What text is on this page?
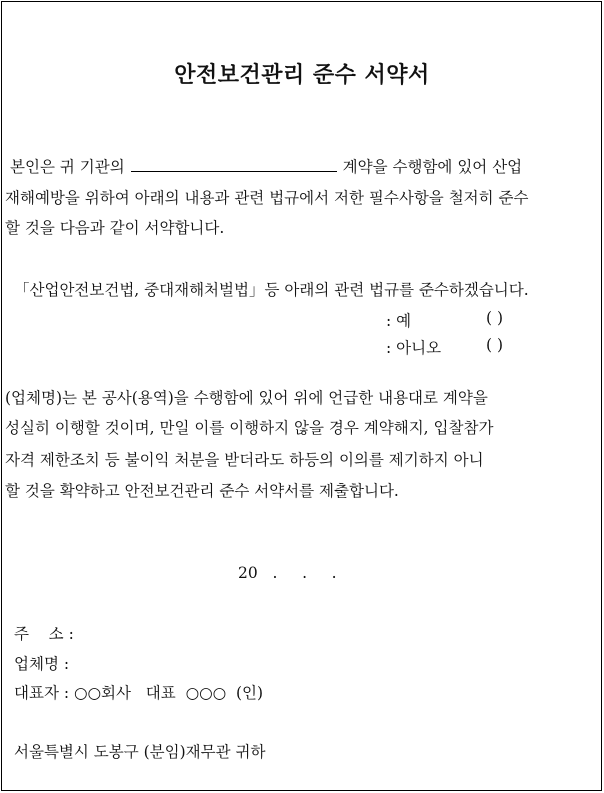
안전보건관리 준수 서약서
본인은 귀 기관의	계약을 수행함에 있어 산업
재해예방을 위하여 아래의 내용과 관련 법규에서 저한 필수사항을 철저히 준수
할 것을 다음과 같이 서약합니다.
「산업안전보건법, 중대재해처벌법」등 아래의 관련 법규를 준수하겠습니다.
: 예	( )
: 아니오	( )
(업체명)는 본 공사(용역)을 수행함에 있어 위에 언급한 내용대로 계약을
성실히 이행할 것이며, 만일 이를 이행하지 않을 경우 계약해지, 입찰참가
자격 제한조치 등 불이익 처분을 받더라도 하등의 이의를 제기하지 아니
할 것을 확약하고 안전보건관리 준수 서약서를 제출합니다.
20   .     .     .
주    소 :
업체명 :
대표자 : ○○회사   대표  ○○○  (인)
서울특별시 도봉구 (분임)재무관 귀하
